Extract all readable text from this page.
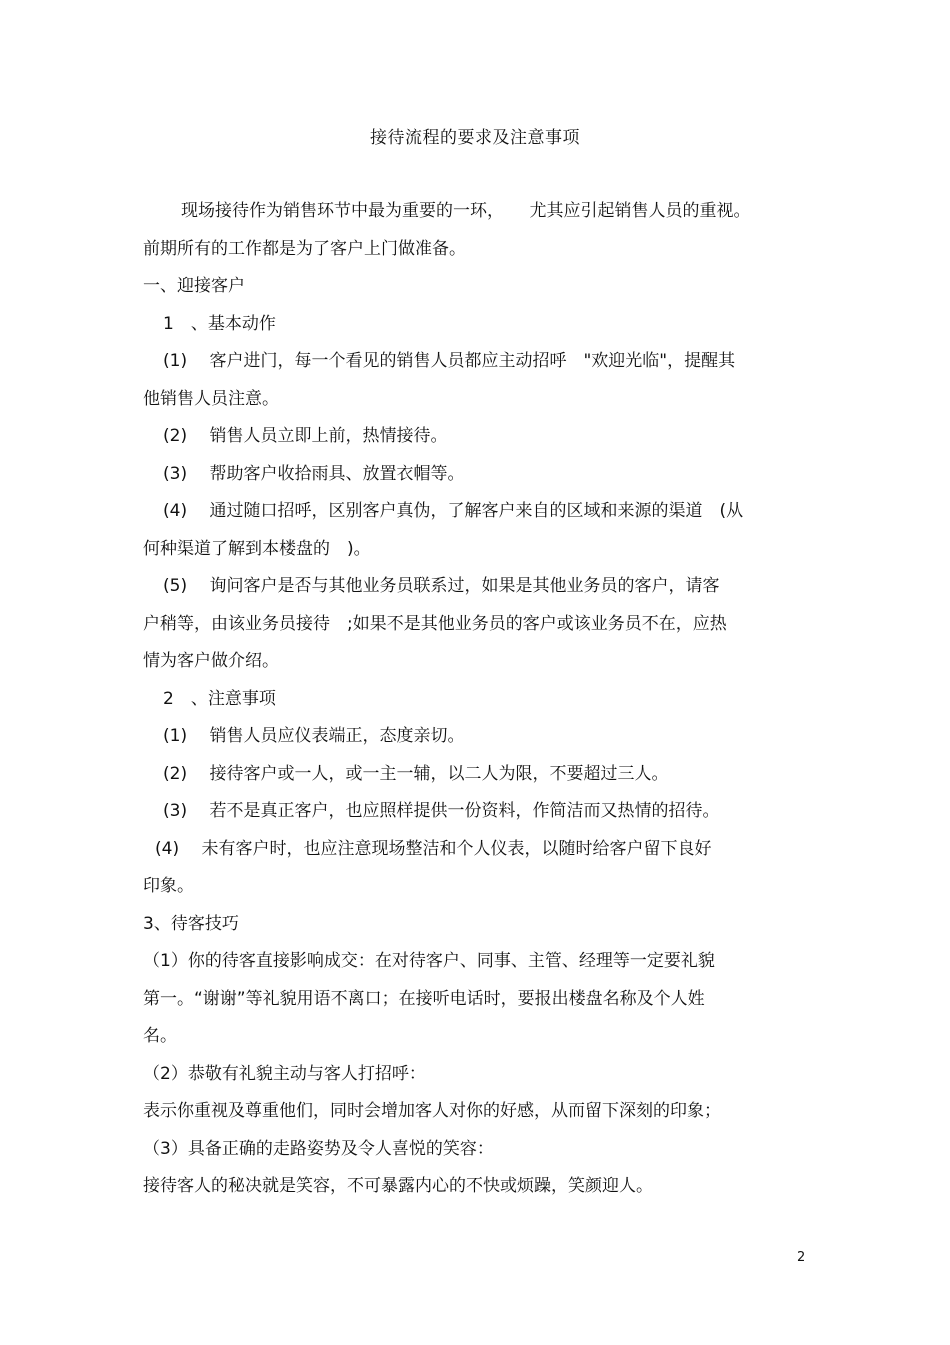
接待流程的要求及注意事项
现场接待作为销售环节中最为重要的一环，　　尤其应引起销售人员的重视。
前期所有的工作都是为了客户上门做准备。
一、迎接客户
1　、基本动作
(1)　 客户进门，每一个看见的销售人员都应主动招呼　"欢迎光临"，提醒其
他销售人员注意。
(2)　 销售人员立即上前，热情接待。
(3)　 帮助客户收拾雨具、放置衣帽等。
(4)　 通过随口招呼，区别客户真伪，了解客户来自的区域和来源的渠道　(从
何种渠道了解到本楼盘的　)。
(5)　 询问客户是否与其他业务员联系过，如果是其他业务员的客户，请客
户稍等，由该业务员接待　;如果不是其他业务员的客户或该业务员不在，应热
情为客户做介绍。
2　、注意事项
(1)　 销售人员应仪表端正，态度亲切。
(2)　 接待客户或一人，或一主一辅，以二人为限，不要超过三人。
(3)　 若不是真正客户，也应照样提供一份资料，作简洁而又热情的招待。
(4)　 未有客户时，也应注意现场整洁和个人仪表，以随时给客户留下良好
印象。
3、待客技巧
（1）你的待客直接影响成交：在对待客户、同事、主管、经理等一定要礼貌
第一。“谢谢”等礼貌用语不离口；在接听电话时，要报出楼盘名称及个人姓
名。
（2）恭敬有礼貌主动与客人打招呼：
表示你重视及尊重他们，同时会增加客人对你的好感，从而留下深刻的印象；
（3）具备正确的走路姿势及令人喜悦的笑容：
接待客人的秘决就是笑容，不可暴露内心的不快或烦躁，笑颜迎人。
2
